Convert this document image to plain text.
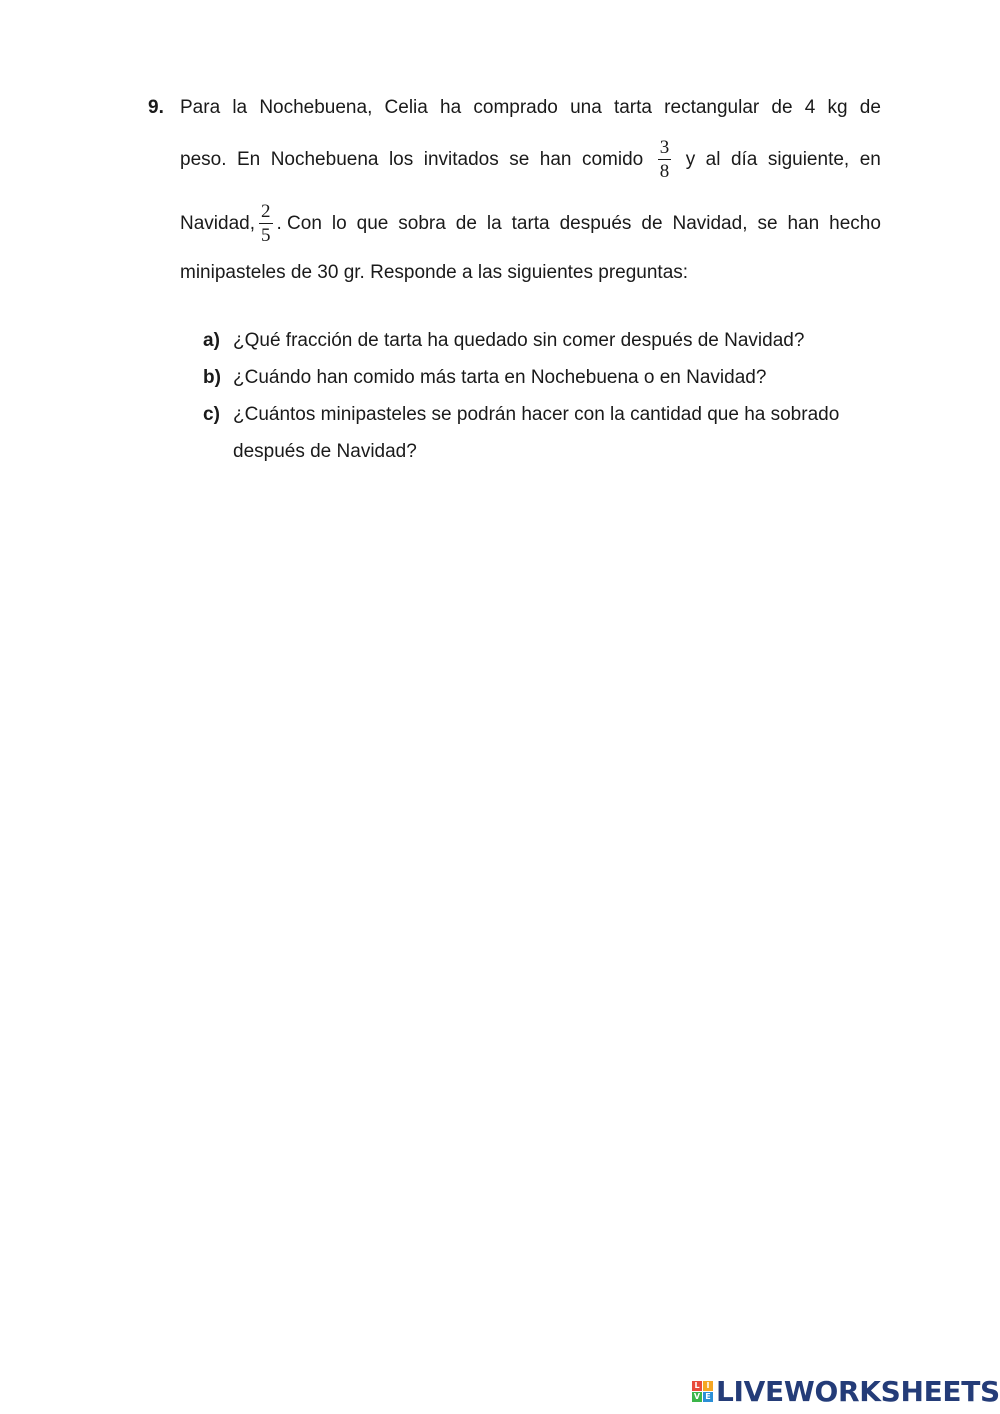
9. Para la Nochebuena, Celia ha comprado una tarta rectangular de 4 kg de
peso. En Nochebuena los invitados se han comido $\frac{3}{8}$ y al día siguiente, en
Navidad, $\frac{2}{5}$ . Con lo que sobra de la tarta después de Navidad, se han hecho
minipasteles de 30 gr. Responde a las siguientes preguntas:
a) ¿Qué fracción de tarta ha quedado sin comer después de Navidad?
b) ¿Cuándo han comido más tarta en Nochebuena o en Navidad?
c) ¿Cuántos minipasteles se podrán hacer con la cantidad que ha sobrado
después de Navidad?
L I
V E LIVEWORKSHEETS
